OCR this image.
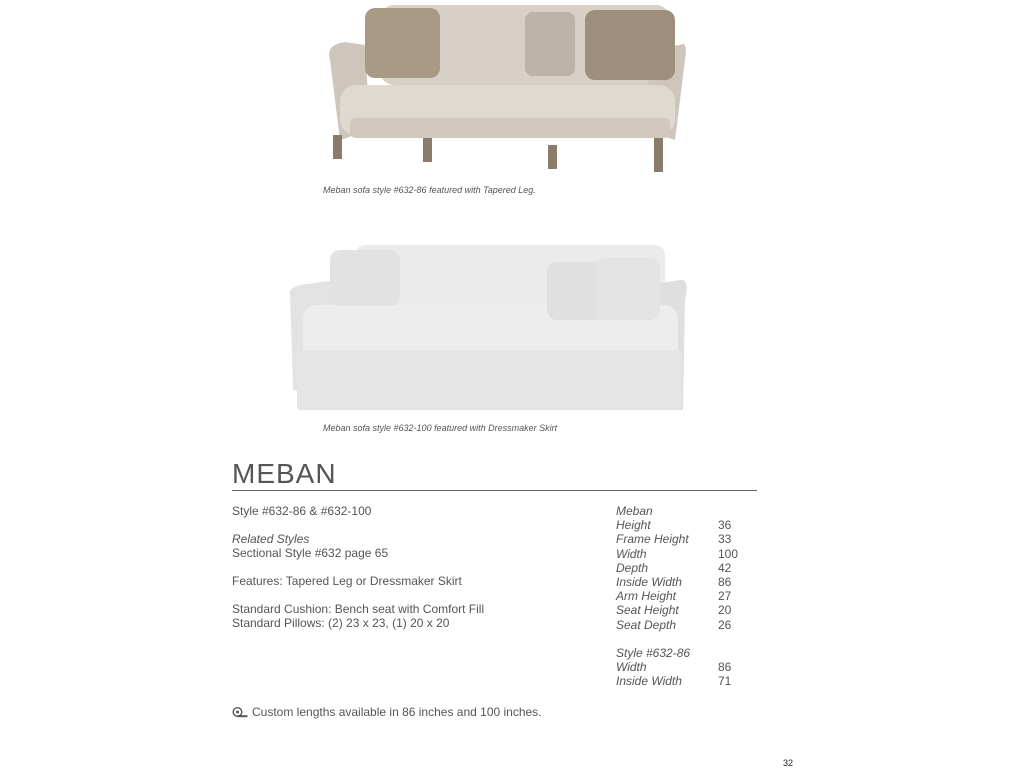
Meban sofa style #632-86 featured with Tapered Leg.
Meban sofa style #632-100 featured with Dressmaker Skirt
MEBAN
Style #632-86 & #632-100
Related Styles
Sectional Style #632 page 65
Features: Tapered Leg or Dressmaker Skirt
Standard Cushion: Bench seat with Comfort Fill
Standard Pillows: (2) 23 x 23, (1) 20 x 20
Meban
Height	36
Frame Height	33
Width	100
Depth	42
Inside Width	86
Arm Height	27
Seat Height	20
Seat Depth	26
Style #632-86
Width	86
Inside Width	71
Custom lengths available in 86 inches and 100 inches.
32
